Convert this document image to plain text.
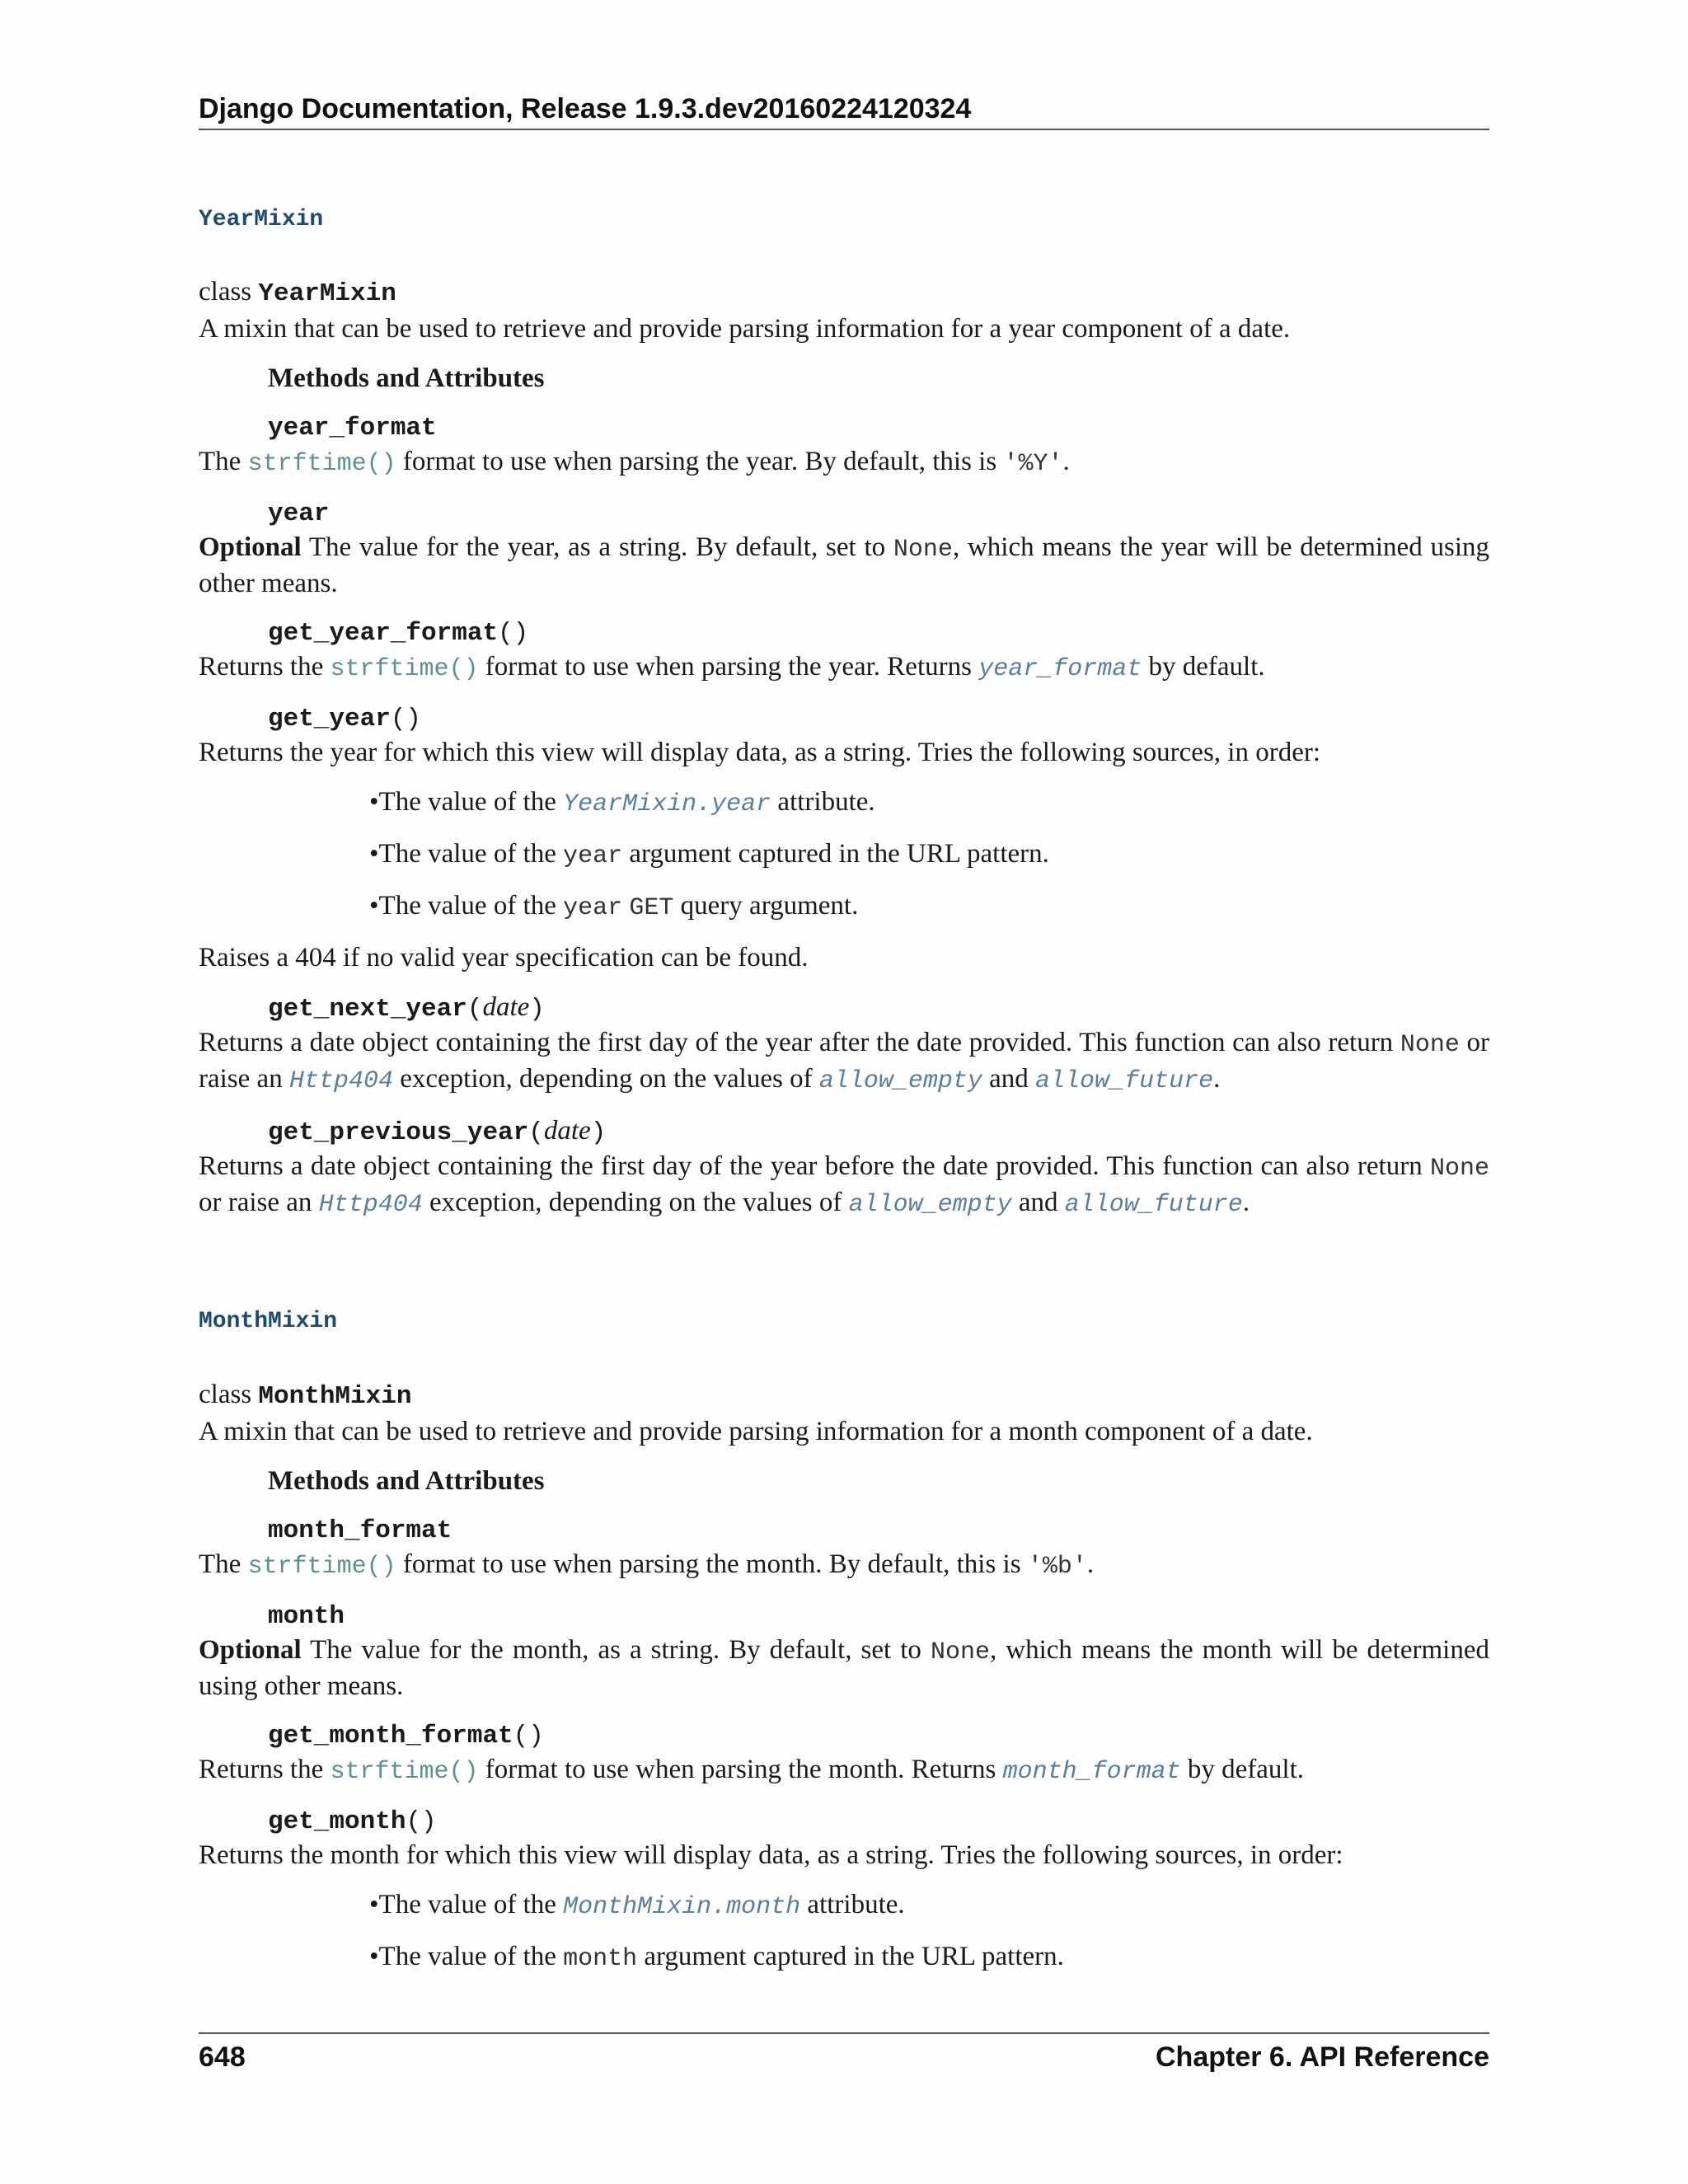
Django Documentation, Release 1.9.3.dev20160224120324
YearMixin
class YearMixin
A mixin that can be used to retrieve and provide parsing information for a year component of a date.
Methods and Attributes
year_format
The strftime() format to use when parsing the year. By default, this is '%Y'.
year
Optional The value for the year, as a string. By default, set to None, which means the year will be determined using other means.
get_year_format()
Returns the strftime() format to use when parsing the year. Returns year_format by default.
get_year()
Returns the year for which this view will display data, as a string. Tries the following sources, in order:
•The value of the YearMixin.year attribute.
•The value of the year argument captured in the URL pattern.
•The value of the year GET query argument.
Raises a 404 if no valid year specification can be found.
get_next_year(date)
Returns a date object containing the first day of the year after the date provided. This function can also return None or raise an Http404 exception, depending on the values of allow_empty and allow_future.
get_previous_year(date)
Returns a date object containing the first day of the year before the date provided. This function can also return None or raise an Http404 exception, depending on the values of allow_empty and allow_future.
MonthMixin
class MonthMixin
A mixin that can be used to retrieve and provide parsing information for a month component of a date.
Methods and Attributes
month_format
The strftime() format to use when parsing the month. By default, this is '%b'.
month
Optional The value for the month, as a string. By default, set to None, which means the month will be determined using other means.
get_month_format()
Returns the strftime() format to use when parsing the month. Returns month_format by default.
get_month()
Returns the month for which this view will display data, as a string. Tries the following sources, in order:
•The value of the MonthMixin.month attribute.
•The value of the month argument captured in the URL pattern.
648	Chapter 6. API Reference
